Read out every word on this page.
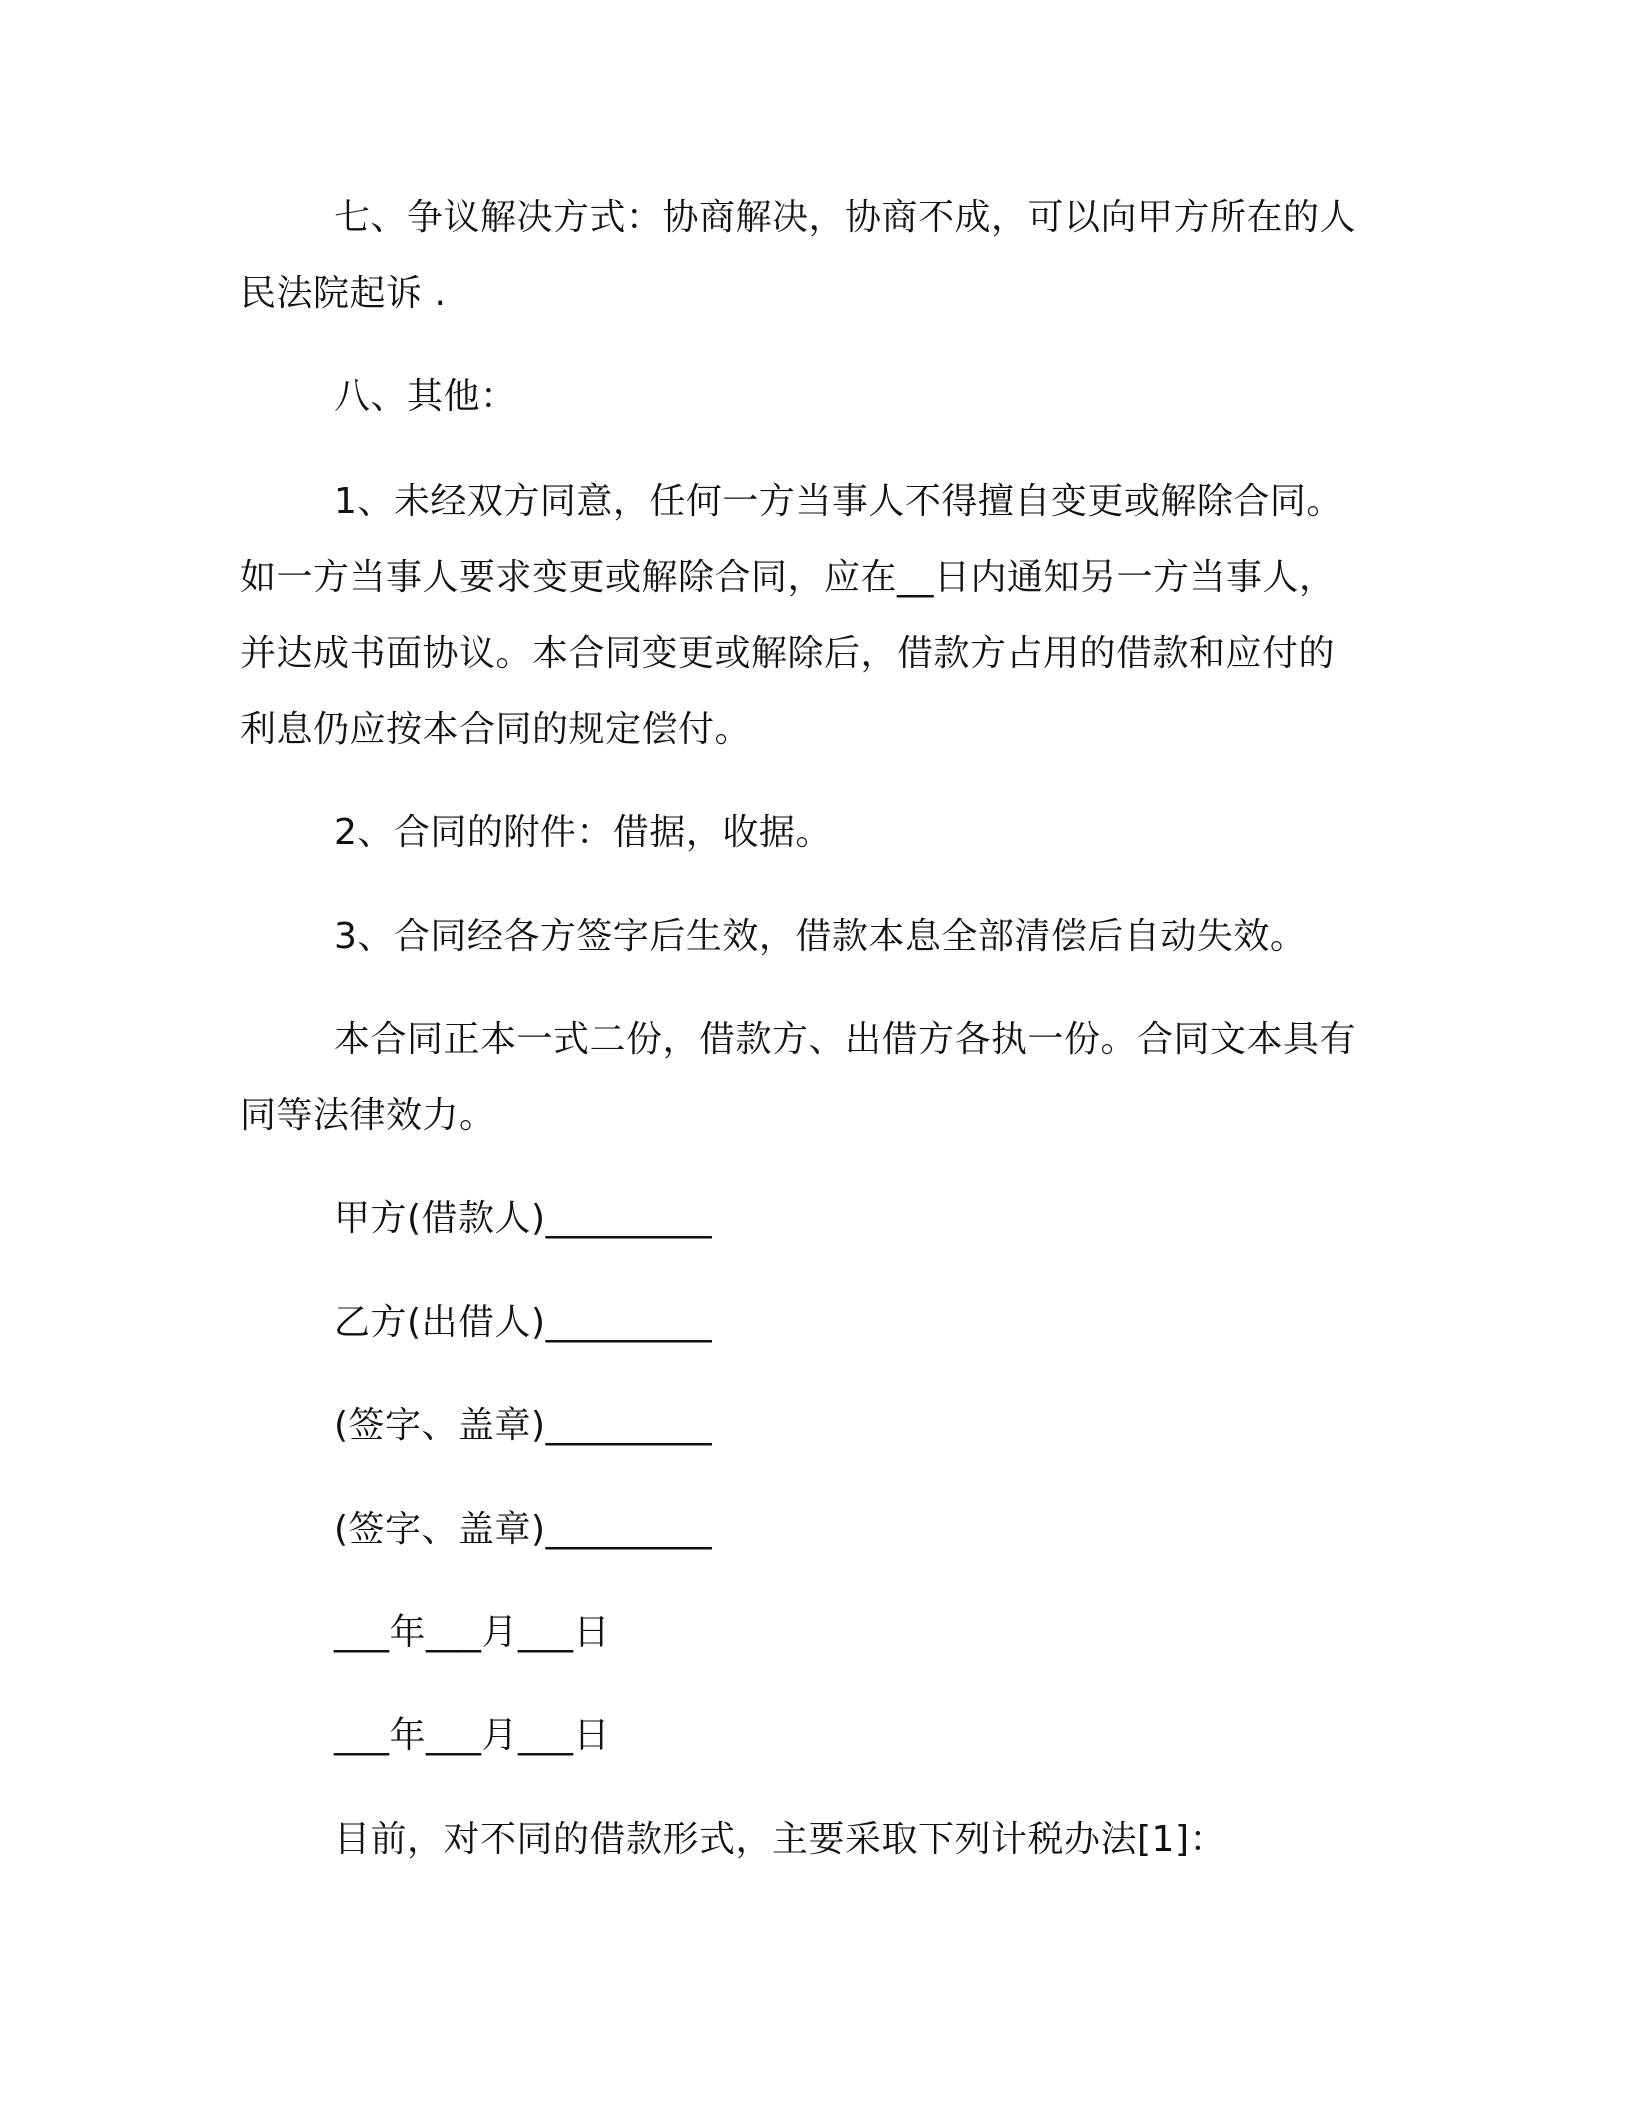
七、争议解决方式：协商解决，协商不成，可以向甲方所在的人
民法院起诉 .
八、其他：
1、未经双方同意，任何一方当事人不得擅自变更或解除合同。
如一方当事人要求变更或解除合同，应在__日内通知另一方当事人，
并达成书面协议。本合同变更或解除后，借款方占用的借款和应付的
利息仍应按本合同的规定偿付。
2、合同的附件：借据，收据。
3、合同经各方签字后生效，借款本息全部清偿后自动失效。
本合同正本一式二份，借款方、出借方各执一份。合同文本具有
同等法律效力。
甲方(借款人)_________
乙方(出借人)_________
(签字、盖章)_________
(签字、盖章)_________
___年___月___日
___年___月___日
目前，对不同的借款形式，主要采取下列计税办法[1]：
